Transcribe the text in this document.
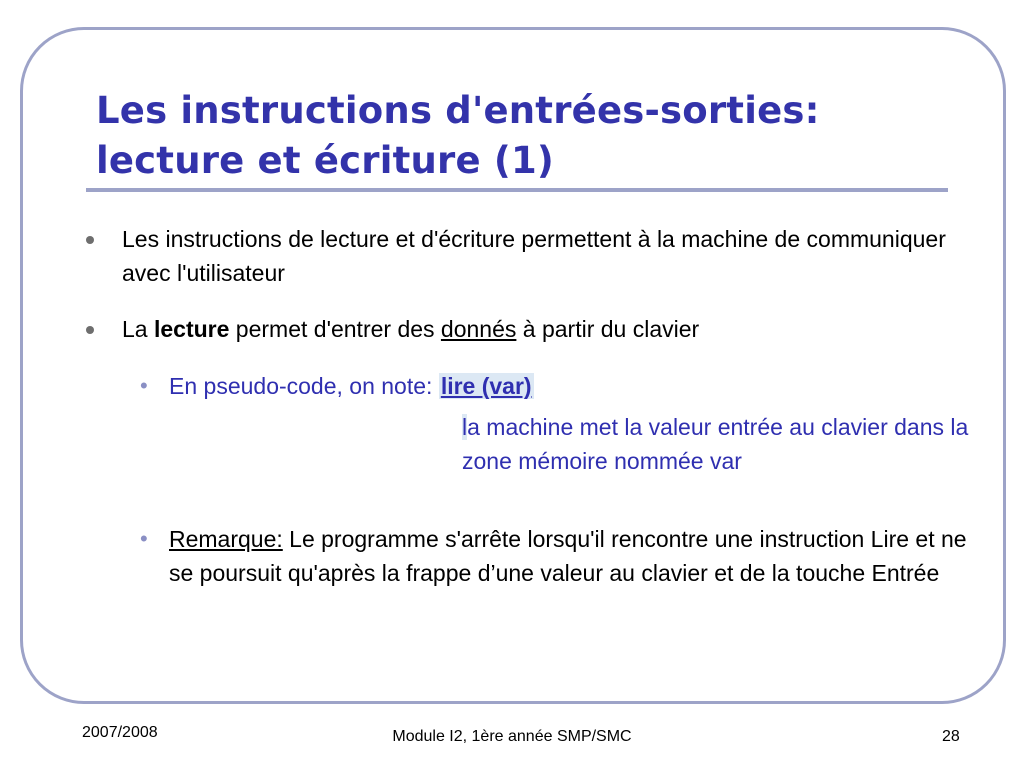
Les instructions d'entrées-sorties:
lecture et écriture (1)
Les instructions de lecture et d'écriture permettent à la machine de communiquer avec l'utilisateur
La lecture permet d'entrer des donnés à partir du clavier
• En pseudo-code, on note: lire (var)
la machine met la valeur entrée au clavier dans la zone mémoire nommée var
• Remarque: Le programme s'arrête lorsqu'il rencontre une instruction Lire et ne se poursuit qu'après la frappe d’une valeur au clavier et de la touche Entrée
2007/2008	Module I2, 1ère année SMP/SMC	28
